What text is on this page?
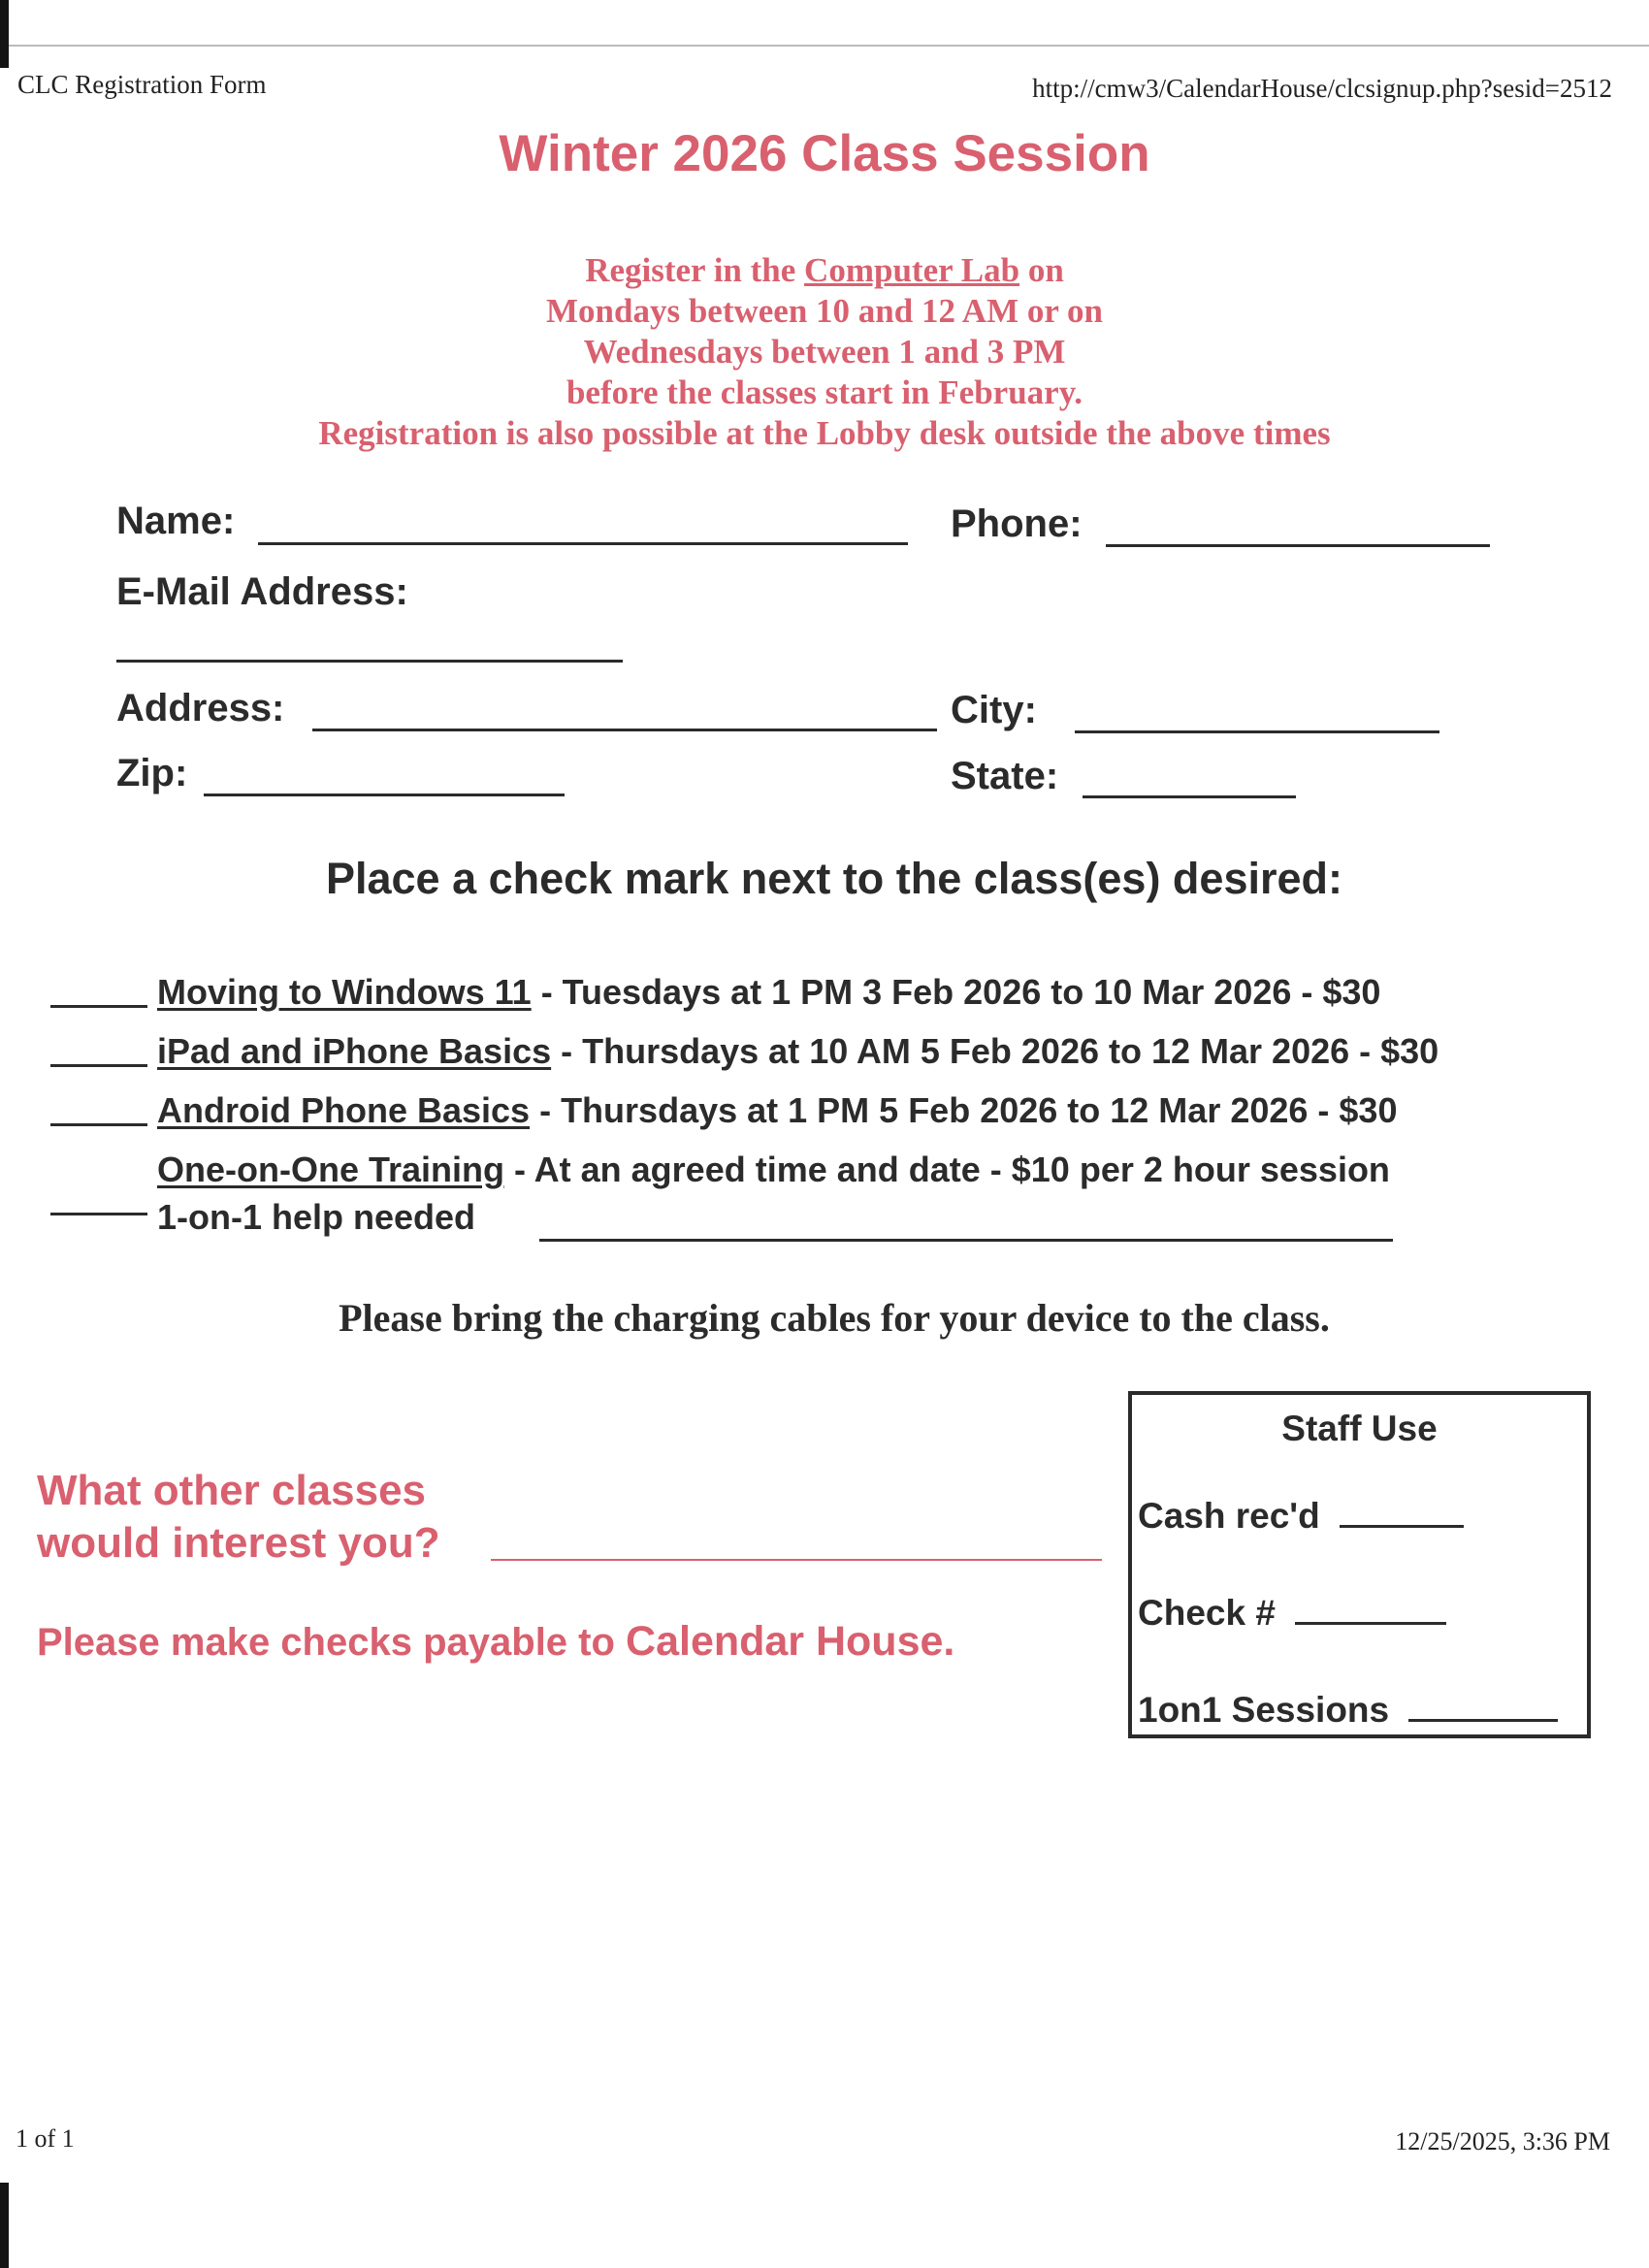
CLC Registration Form	http://cmw3/CalendarHouse/clcsignup.php?sesid=2512
Winter 2026 Class Session
Register in the Computer Lab on
Mondays between 10 and 12 AM or on
Wednesdays between 1 and 3 PM
before the classes start in February.
Registration is also possible at the Lobby desk outside the above times
Name:	Phone:
E-Mail Address:
Address:	City:
Zip:	State:
Place a check mark next to the class(es) desired:
Moving to Windows 11 - Tuesdays at 1 PM 3 Feb 2026 to 10 Mar 2026 - $30
iPad and iPhone Basics - Thursdays at 10 AM 5 Feb 2026 to 12 Mar 2026 - $30
Android Phone Basics - Thursdays at 1 PM 5 Feb 2026 to 12 Mar 2026 - $30
One-on-One Training - At an agreed time and date - $10 per 2 hour session
1-on-1 help needed
Please bring the charging cables for your device to the class.
Staff Use
Cash rec'd
Check #
1on1 Sessions
What other classes
would interest you?
Please make checks payable to Calendar House.
1 of 1	12/25/2025, 3:36 PM
